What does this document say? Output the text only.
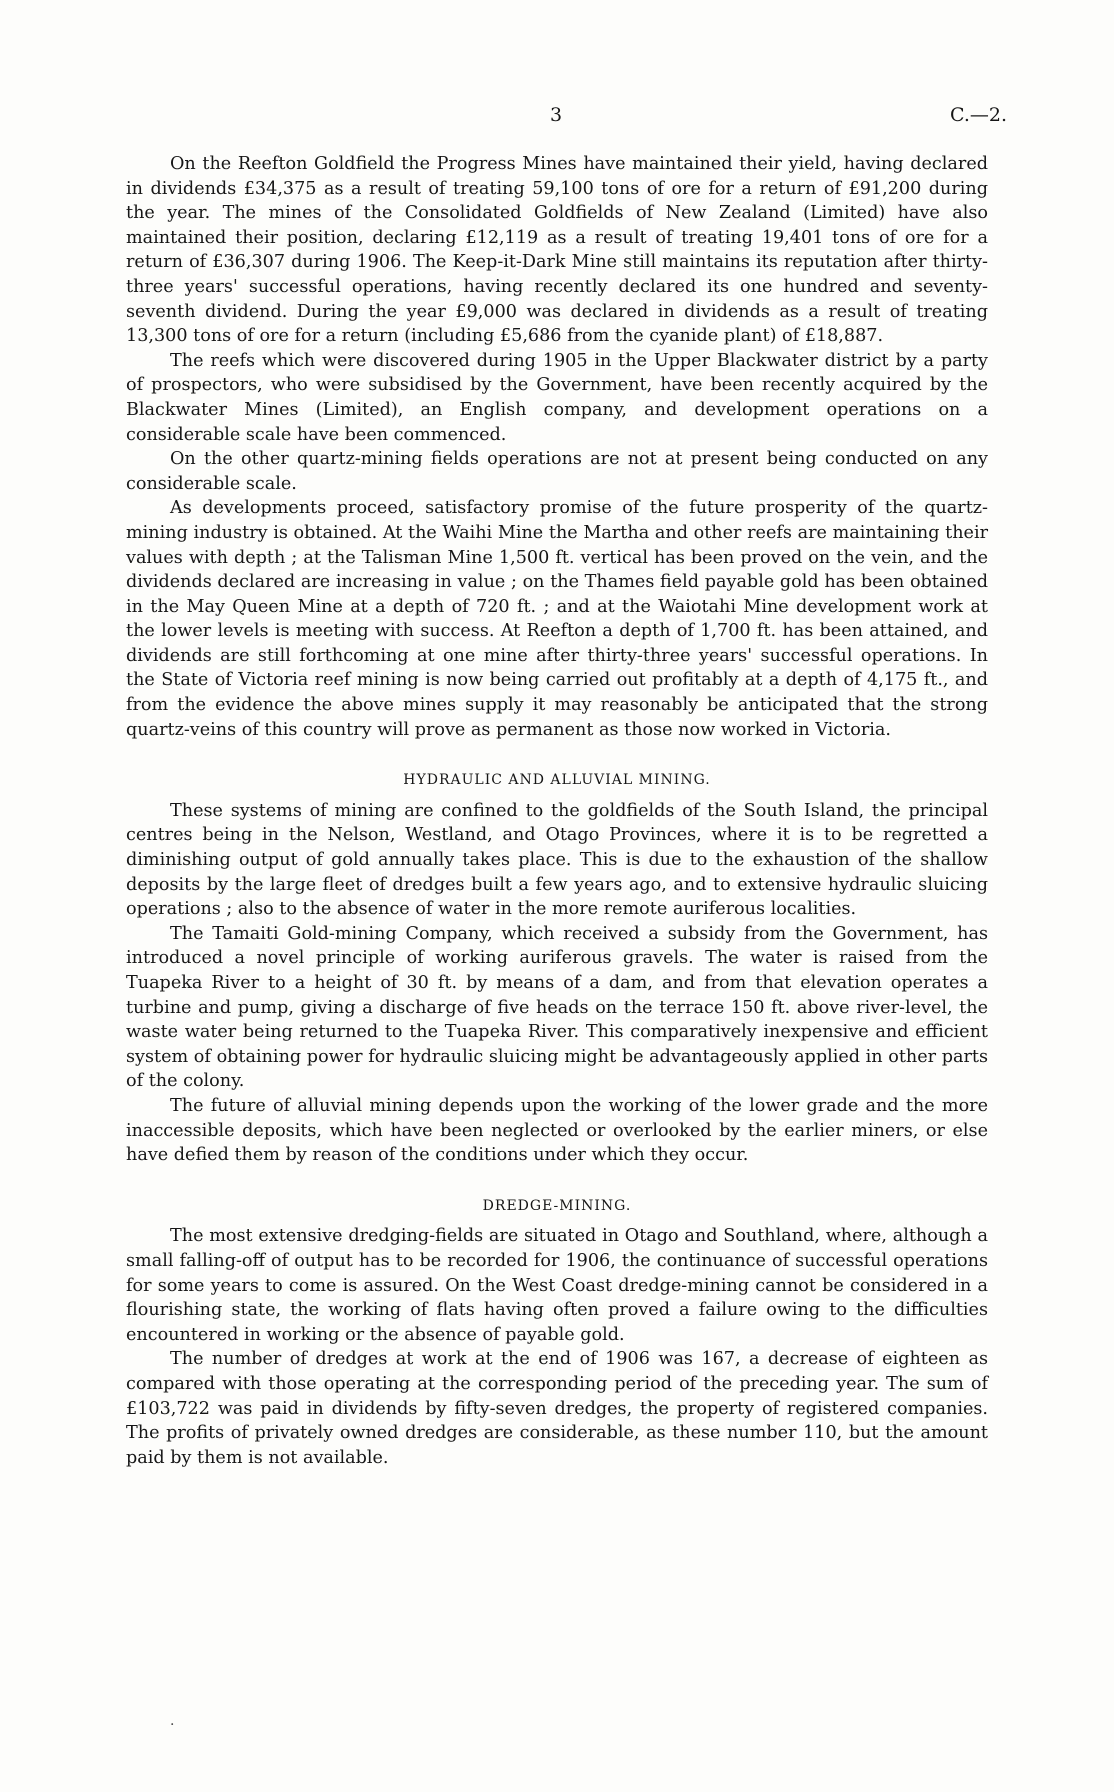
3	C.—2.

On the Reefton Goldfield the Progress Mines have maintained their yield, having declared in dividends £34,375 as a result of treating 59,100 tons of ore for a return of £91,200 during the year. The mines of the Consolidated Goldfields of New Zealand (Limited) have also maintained their position, declaring £12,119 as a result of treating 19,401 tons of ore for a return of £36,307 during 1906. The Keep-it-Dark Mine still maintains its reputation after thirty-three years' successful operations, having recently declared its one hundred and seventy-seventh dividend. During the year £9,000 was declared in dividends as a result of treating 13,300 tons of ore for a return (including £5,686 from the cyanide plant) of £18,887.

The reefs which were discovered during 1905 in the Upper Blackwater district by a party of prospectors, who were subsidised by the Government, have been recently acquired by the Blackwater Mines (Limited), an English company, and development operations on a considerable scale have been commenced.

On the other quartz-mining fields operations are not at present being conducted on any considerable scale.

As developments proceed, satisfactory promise of the future prosperity of the quartz-mining industry is obtained. At the Waihi Mine the Martha and other reefs are maintaining their values with depth ; at the Talisman Mine 1,500 ft. vertical has been proved on the vein, and the dividends declared are increasing in value ; on the Thames field payable gold has been obtained in the May Queen Mine at a depth of 720 ft. ; and at the Waiotahi Mine development work at the lower levels is meeting with success. At Reefton a depth of 1,700 ft. has been attained, and dividends are still forthcoming at one mine after thirty-three years' successful operations. In the State of Victoria reef mining is now being carried out profitably at a depth of 4,175 ft., and from the evidence the above mines supply it may reasonably be anticipated that the strong quartz-veins of this country will prove as permanent as those now worked in Victoria.

HYDRAULIC AND ALLUVIAL MINING.

These systems of mining are confined to the goldfields of the South Island, the principal centres being in the Nelson, Westland, and Otago Provinces, where it is to be regretted a diminishing output of gold annually takes place. This is due to the exhaustion of the shallow deposits by the large fleet of dredges built a few years ago, and to extensive hydraulic sluicing operations ; also to the absence of water in the more remote auriferous localities.

The Tamaiti Gold-mining Company, which received a subsidy from the Government, has introduced a novel principle of working auriferous gravels. The water is raised from the Tuapeka River to a height of 30 ft. by means of a dam, and from that elevation operates a turbine and pump, giving a discharge of five heads on the terrace 150 ft. above river-level, the waste water being returned to the Tuapeka River. This comparatively inexpensive and efficient system of obtaining power for hydraulic sluicing might be advantageously applied in other parts of the colony.

The future of alluvial mining depends upon the working of the lower grade and the more inaccessible deposits, which have been neglected or overlooked by the earlier miners, or else have defied them by reason of the conditions under which they occur.

DREDGE-MINING.

The most extensive dredging-fields are situated in Otago and Southland, where, although a small falling-off of output has to be recorded for 1906, the continuance of successful operations for some years to come is assured. On the West Coast dredge-mining cannot be considered in a flourishing state, the working of flats having often proved a failure owing to the difficulties encountered in working or the absence of payable gold.

The number of dredges at work at the end of 1906 was 167, a decrease of eighteen as compared with those operating at the corresponding period of the preceding year. The sum of £103,722 was paid in dividends by fifty-seven dredges, the property of registered companies. The profits of privately owned dredges are considerable, as these number 110, but the amount paid by them is not available.

·
